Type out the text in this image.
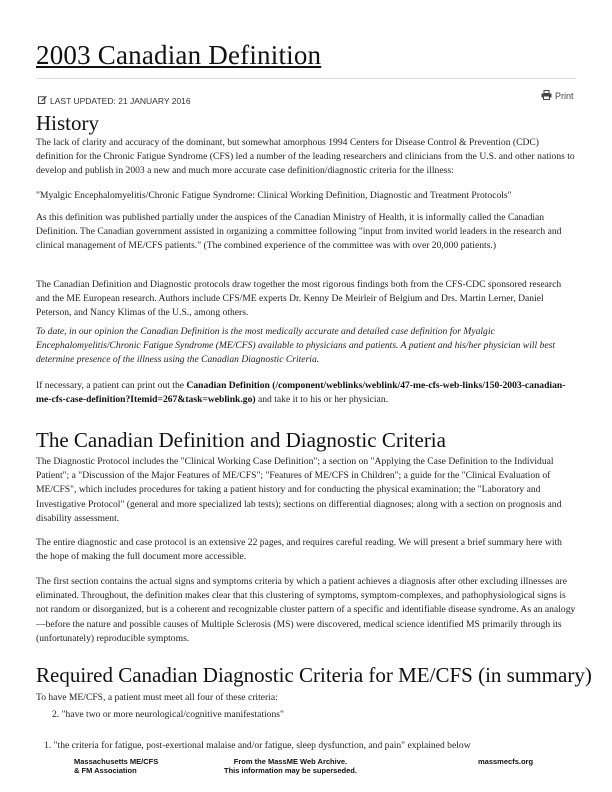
2003 Canadian Definition
LAST UPDATED: 21 JANUARY 2016	Print
History

The lack of clarity and accuracy of the dominant, but somewhat amorphous 1994 Centers for Disease Control & Prevention (CDC) definition for the Chronic Fatigue Syndrome (CFS) led a number of the leading researchers and clinicians from the U.S. and other nations to develop and publish in 2003 a new and much more accurate case definition/diagnostic criteria for the illness:

"Myalgic Encephalomyelitis/Chronic Fatigue Syndrome: Clinical Working Definition, Diagnostic and Treatment Protocols"

As this definition was published partially under the auspices of the Canadian Ministry of Health, it is informally called the Canadian Definition. The Canadian government assisted in organizing a committee following "input from invited world leaders in the research and clinical management of ME/CFS patients." (The combined experience of the committee was with over 20,000 patients.)

The Canadian Definition and Diagnostic protocols draw together the most rigorous findings both from the CFS-CDC sponsored research and the ME European research. Authors include CFS/ME experts Dr. Kenny De Meirleir of Belgium and Drs. Martin Lerner, Daniel Peterson, and Nancy Klimas of the U.S., among others.

To date, in our opinion the Canadian Definition is the most medically accurate and detailed case definition for Myalgic Encephalomyelitis/Chronic Fatigue Syndrome (ME/CFS) available to physicians and patients. A patient and his/her physician will best determine presence of the illness using the Canadian Diagnostic Criteria.

If necessary, a patient can print out the Canadian Definition (/component/weblinks/weblink/47-me-cfs-web-links/150-2003-canadian-me-cfs-case-definition?Itemid=267&task=weblink.go) and take it to his or her physician.

The Canadian Definition and Diagnostic Criteria

The Diagnostic Protocol includes the "Clinical Working Case Definition"; a section on "Applying the Case Definition to the Individual Patient"; a "Discussion of the Major Features of ME/CFS"; "Features of ME/CFS in Children"; a guide for the "Clinical Evaluation of ME/CFS", which includes procedures for taking a patient history and for conducting the physical examination; the "Laboratory and Investigative Protocol" (general and more specialized lab tests); sections on differential diagnoses; along with a section on prognosis and disability assessment.

The entire diagnostic and case protocol is an extensive 22 pages, and requires careful reading. We will present a brief summary here with the hope of making the full document more accessible.

The first section contains the actual signs and symptoms criteria by which a patient achieves a diagnosis after other excluding illnesses are eliminated. Throughout, the definition makes clear that this clustering of symptoms, symptom-complexes, and pathophysiological signs is not random or disorganized, but is a coherent and recognizable cluster pattern of a specific and identifiable disease syndrome. As an analogy—before the nature and possible causes of Multiple Sclerosis (MS) were discovered, medical science identified MS primarily through its (unfortunately) reproducible symptoms.

Required Canadian Diagnostic Criteria for ME/CFS (in summary)

To have ME/CFS, a patient must meet all four of these criteria:

2. "have two or more neurological/cognitive manifestations"
1. "the criteria for fatigue, post-exertional malaise and/or fatigue, sleep dysfunction, and pain" explained below
Massachusetts ME/CFS
& FM Association
From the MassME Web Archive.
This information may be superseded.
massmecfs.org
